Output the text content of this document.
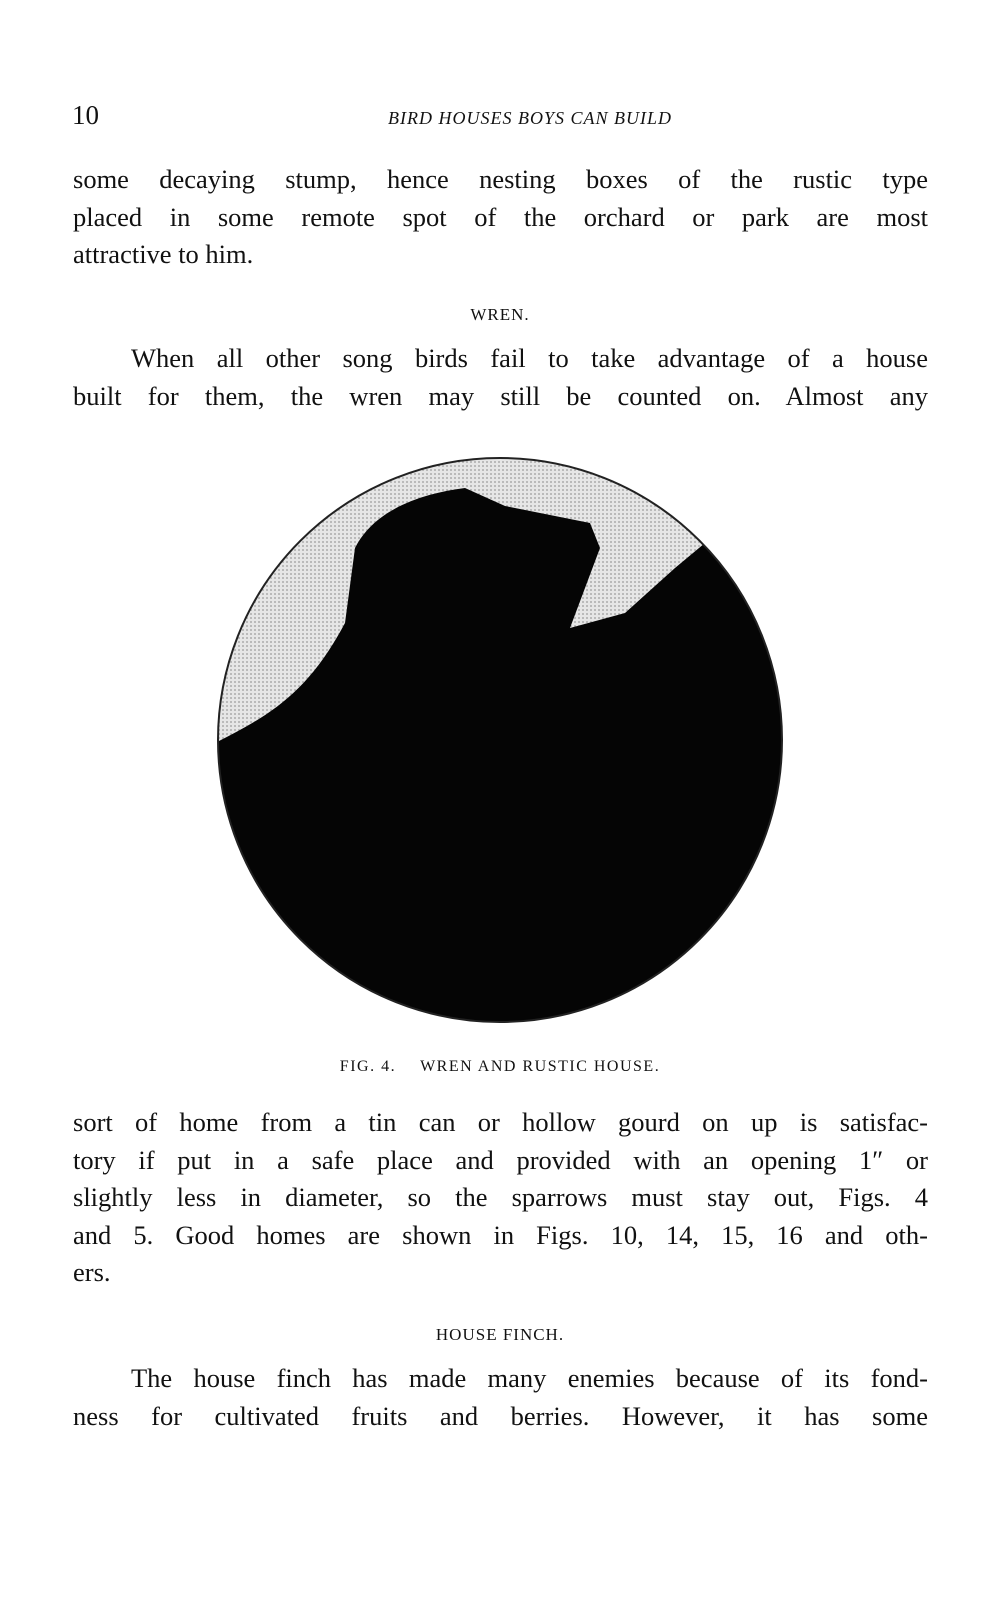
10	BIRD HOUSES BOYS CAN BUILD

some decaying stump, hence nesting boxes of the rustic type
placed in some remote spot of the orchard or park are most
attractive to him.

WREN.

When all other song birds fail to take advantage of a house
built for them, the wren may still be counted on. Almost any

FIG. 4. WREN AND RUSTIC HOUSE.

sort of home from a tin can or hollow gourd on up is satisfac-
tory if put in a safe place and provided with an opening 1″ or
slightly less in diameter, so the sparrows must stay out, Figs. 4
and 5. Good homes are shown in Figs. 10, 14, 15, 16 and oth-
ers.

HOUSE FINCH.

The house finch has made many enemies because of its fond-
ness for cultivated fruits and berries. However, it has some
